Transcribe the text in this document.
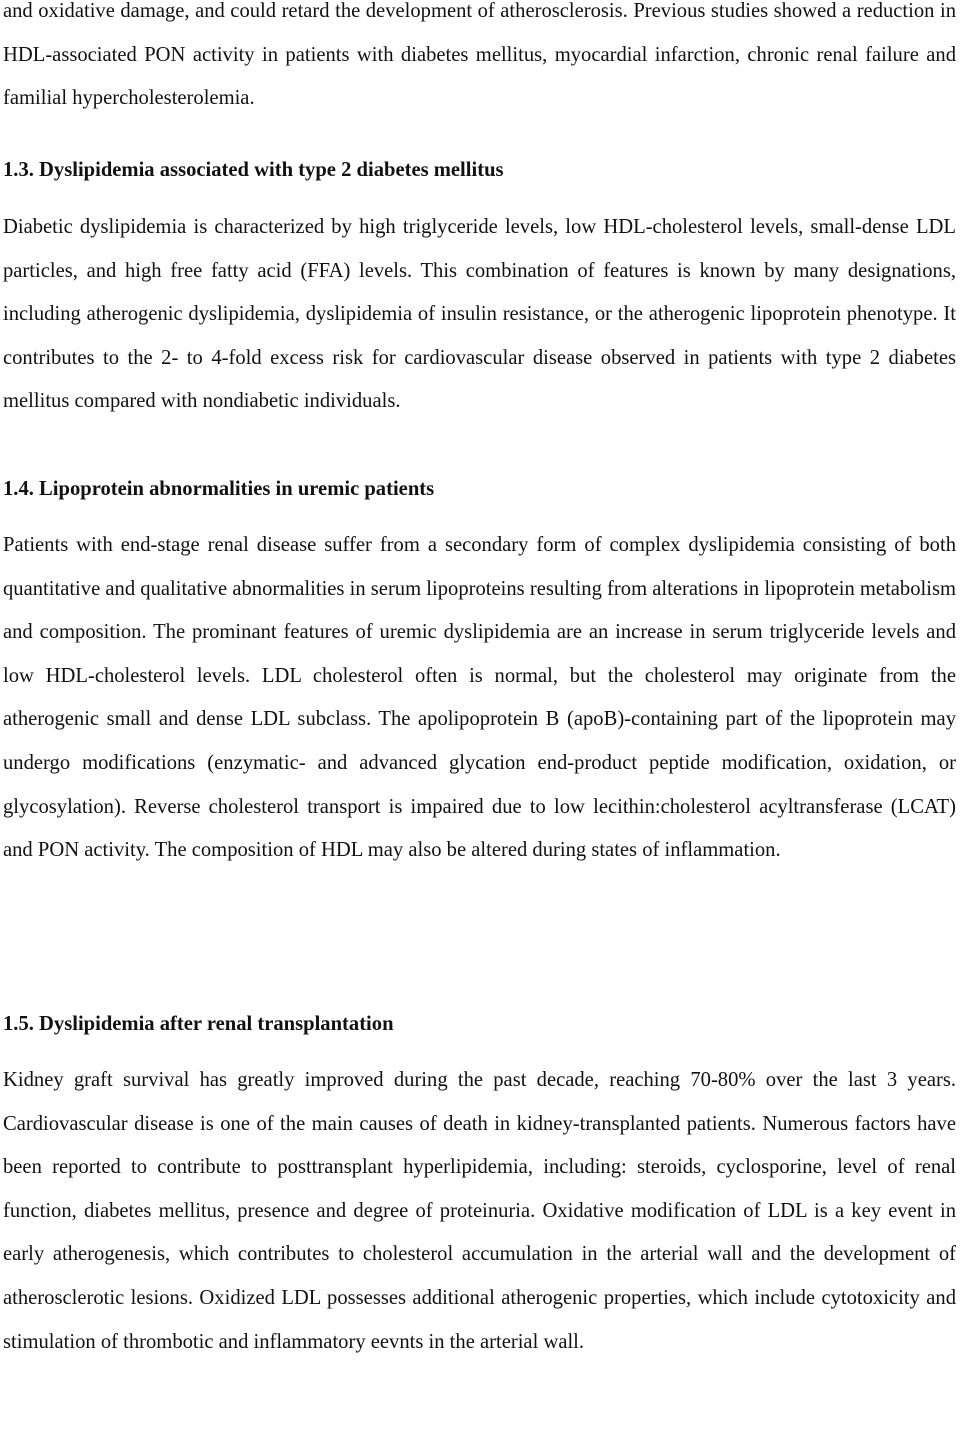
and oxidative damage, and could retard the development of atherosclerosis. Previous studies showed a reduction in HDL-associated PON activity in patients with diabetes mellitus, myocardial infarction, chronic renal failure and familial hypercholesterolemia.

1.3. Dyslipidemia associated with type 2 diabetes mellitus

Diabetic dyslipidemia is characterized by high triglyceride levels, low HDL-cholesterol levels, small-dense LDL particles, and high free fatty acid (FFA) levels. This combination of features is known by many designations, including atherogenic dyslipidemia, dyslipidemia of insulin resistance, or the atherogenic lipoprotein phenotype. It contributes to the 2- to 4-fold excess risk for cardiovascular disease observed in patients with type 2 diabetes mellitus compared with nondiabetic individuals.

1.4. Lipoprotein abnormalities in uremic patients

Patients with end-stage renal disease suffer from a secondary form of complex dyslipidemia consisting of both quantitative and qualitative abnormalities in serum lipoproteins resulting from alterations in lipoprotein metabolism and composition. The prominant features of uremic dyslipidemia are an increase in serum triglyceride levels and low HDL-cholesterol levels. LDL cholesterol often is normal, but the cholesterol may originate from the atherogenic small and dense LDL subclass. The apolipoprotein B (apoB)-containing part of the lipoprotein may undergo modifications (enzymatic- and advanced glycation end-product peptide modification, oxidation, or glycosylation). Reverse cholesterol transport is impaired due to low lecithin:cholesterol acyltransferase (LCAT) and PON activity. The composition of HDL may also be altered during states of inflammation.

1.5. Dyslipidemia after renal transplantation

Kidney graft survival has greatly improved during the past decade, reaching 70-80% over the last 3 years. Cardiovascular disease is one of the main causes of death in kidney-transplanted patients. Numerous factors have been reported to contribute to posttransplant hyperlipidemia, including: steroids, cyclosporine, level of renal function, diabetes mellitus, presence and degree of proteinuria. Oxidative modification of LDL is a key event in early atherogenesis, which contributes to cholesterol accumulation in the arterial wall and the development of atherosclerotic lesions. Oxidized LDL possesses additional atherogenic properties, which include cytotoxicity and stimulation of thrombotic and inflammatory eevnts in the arterial wall.
